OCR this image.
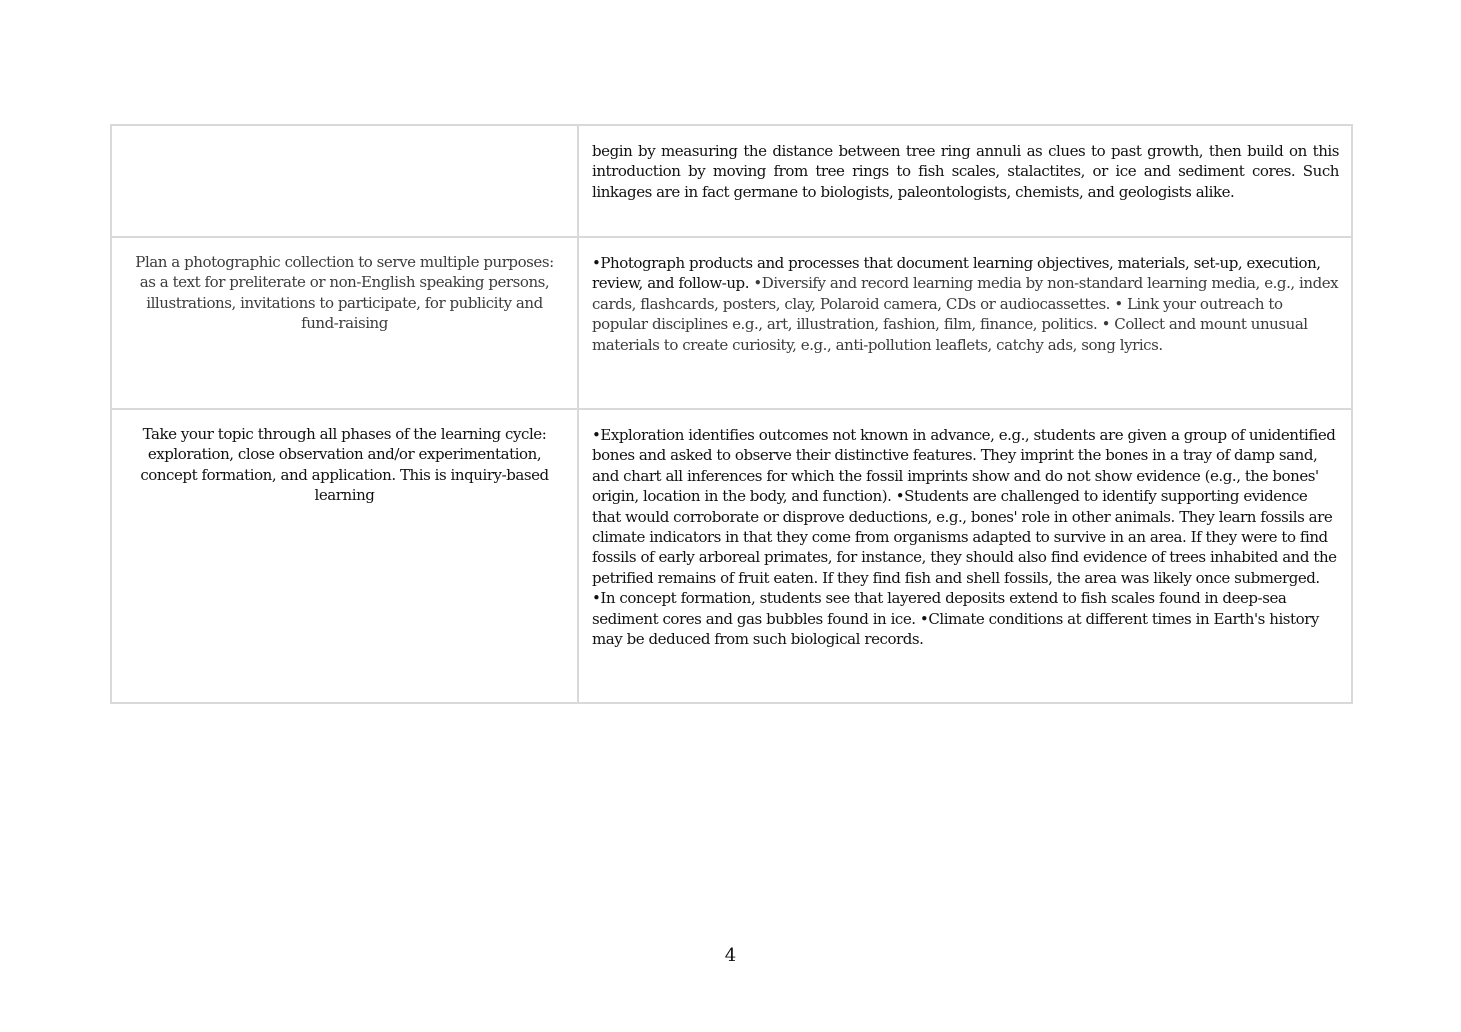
	begin by measuring the distance between tree ring annuli as clues to past growth, then build on this introduction by moving from tree rings to fish scales, stalactites, or ice and sediment cores. Such linkages are in fact germane to biologists, paleontologists, chemists, and geologists alike.

Plan a photographic collection to serve multiple purposes: as a text for preliterate or non-English speaking persons, illustrations, invitations to participate, for publicity and fund-raising	•Photograph products and processes that document learning objectives, materials, set-up, execution, review, and follow-up. •Diversify and record learning media by non-standard learning media, e.g., index cards, flashcards, posters, clay, Polaroid camera, CDs or audiocassettes. • Link your outreach to popular disciplines e.g., art, illustration, fashion, film, finance, politics. • Collect and mount unusual materials to create curiosity, e.g., anti-pollution leaflets, catchy ads, song lyrics.

Take your topic through all phases of the learning cycle: exploration, close observation and/or experimentation, concept formation, and application. This is inquiry-based learning	•Exploration identifies outcomes not known in advance, e.g., students are given a group of unidentified bones and asked to observe their distinctive features. They imprint the bones in a tray of damp sand, and chart all inferences for which the fossil imprints show and do not show evidence (e.g., the bones' origin, location in the body, and function). •Students are challenged to identify supporting evidence that would corroborate or disprove deductions, e.g., bones' role in other animals. They learn fossils are climate indicators in that they come from organisms adapted to survive in an area. If they were to find fossils of early arboreal primates, for instance, they should also find evidence of trees inhabited and the petrified remains of fruit eaten. If they find fish and shell fossils, the area was likely once submerged. •In concept formation, students see that layered deposits extend to fish scales found in deep-sea sediment cores and gas bubbles found in ice. •Climate conditions at different times in Earth's history may be deduced from such biological records.
4
